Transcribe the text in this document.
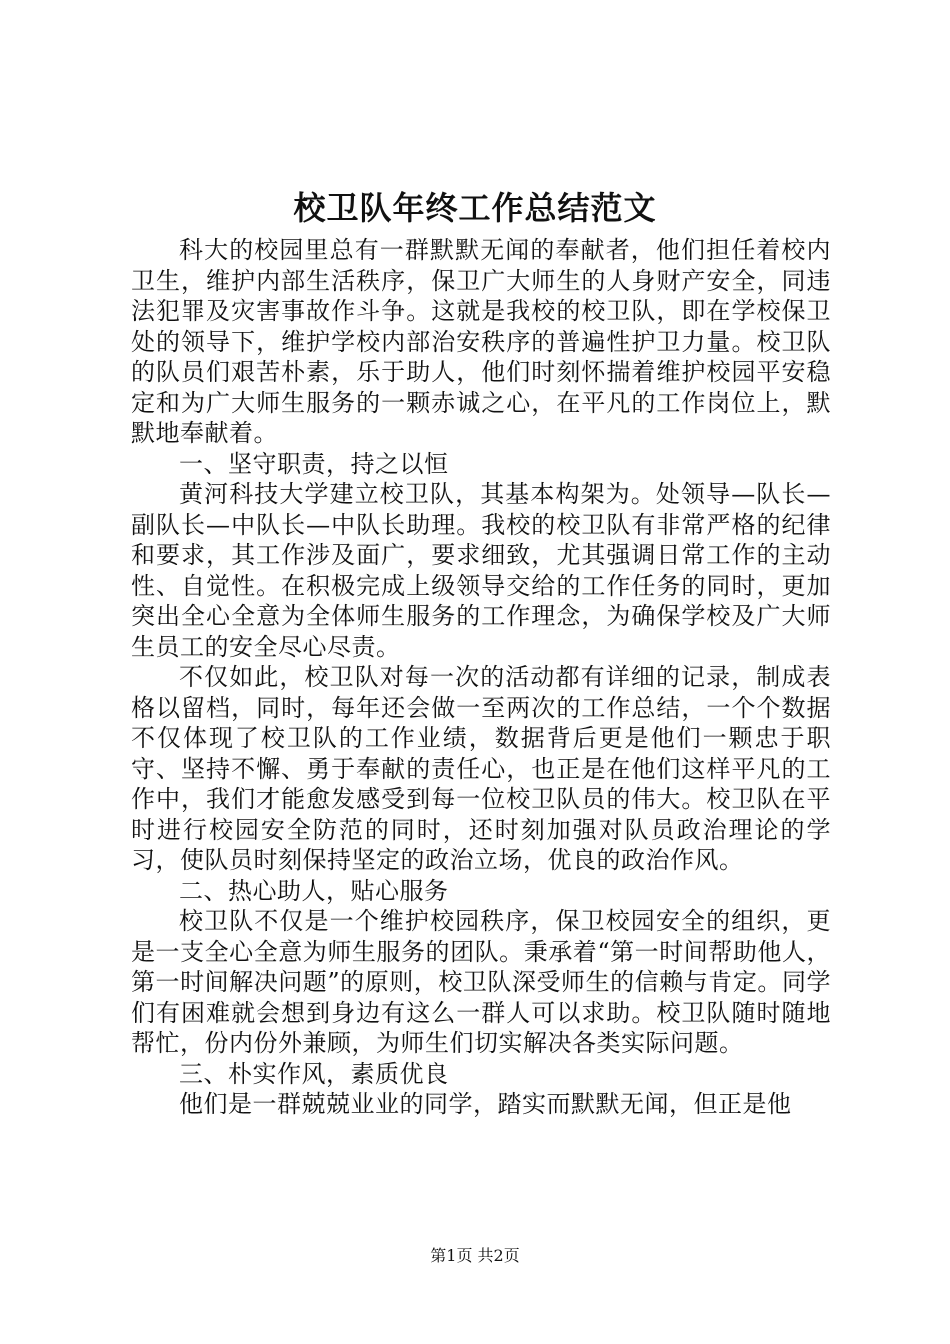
校卫队年终工作总结范文

科大的校园里总有一群默默无闻的奉献者，他们担任着校内卫生，维护内部生活秩序，保卫广大师生的人身财产安全，同违法犯罪及灾害事故作斗争。这就是我校的校卫队，即在学校保卫处的领导下，维护学校内部治安秩序的普遍性护卫力量。校卫队的队员们艰苦朴素，乐于助人，他们时刻怀揣着维护校园平安稳定和为广大师生服务的一颗赤诚之心，在平凡的工作岗位上，默默地奉献着。

一、坚守职责，持之以恒

黄河科技大学建立校卫队，其基本构架为。处领导—队长—副队长—中队长—中队长助理。我校的校卫队有非常严格的纪律和要求，其工作涉及面广，要求细致，尤其强调日常工作的主动性、自觉性。在积极完成上级领导交给的工作任务的同时，更加突出全心全意为全体师生服务的工作理念，为确保学校及广大师生员工的安全尽心尽责。

不仅如此，校卫队对每一次的活动都有详细的记录，制成表格以留档，同时，每年还会做一至两次的工作总结，一个个数据不仅体现了校卫队的工作业绩，数据背后更是他们一颗忠于职守、坚持不懈、勇于奉献的责任心，也正是在他们这样平凡的工作中，我们才能愈发感受到每一位校卫队员的伟大。校卫队在平时进行校园安全防范的同时，还时刻加强对队员政治理论的学习，使队员时刻保持坚定的政治立场，优良的政治作风。

二、热心助人，贴心服务

校卫队不仅是一个维护校园秩序，保卫校园安全的组织，更是一支全心全意为师生服务的团队。秉承着“第一时间帮助他人，第一时间解决问题”的原则，校卫队深受师生的信赖与肯定。同学们有困难就会想到身边有这么一群人可以求助。校卫队随时随地帮忙，份内份外兼顾，为师生们切实解决各类实际问题。

三、朴实作风，素质优良

他们是一群兢兢业业的同学，踏实而默默无闻，但正是他

第1页 共2页
